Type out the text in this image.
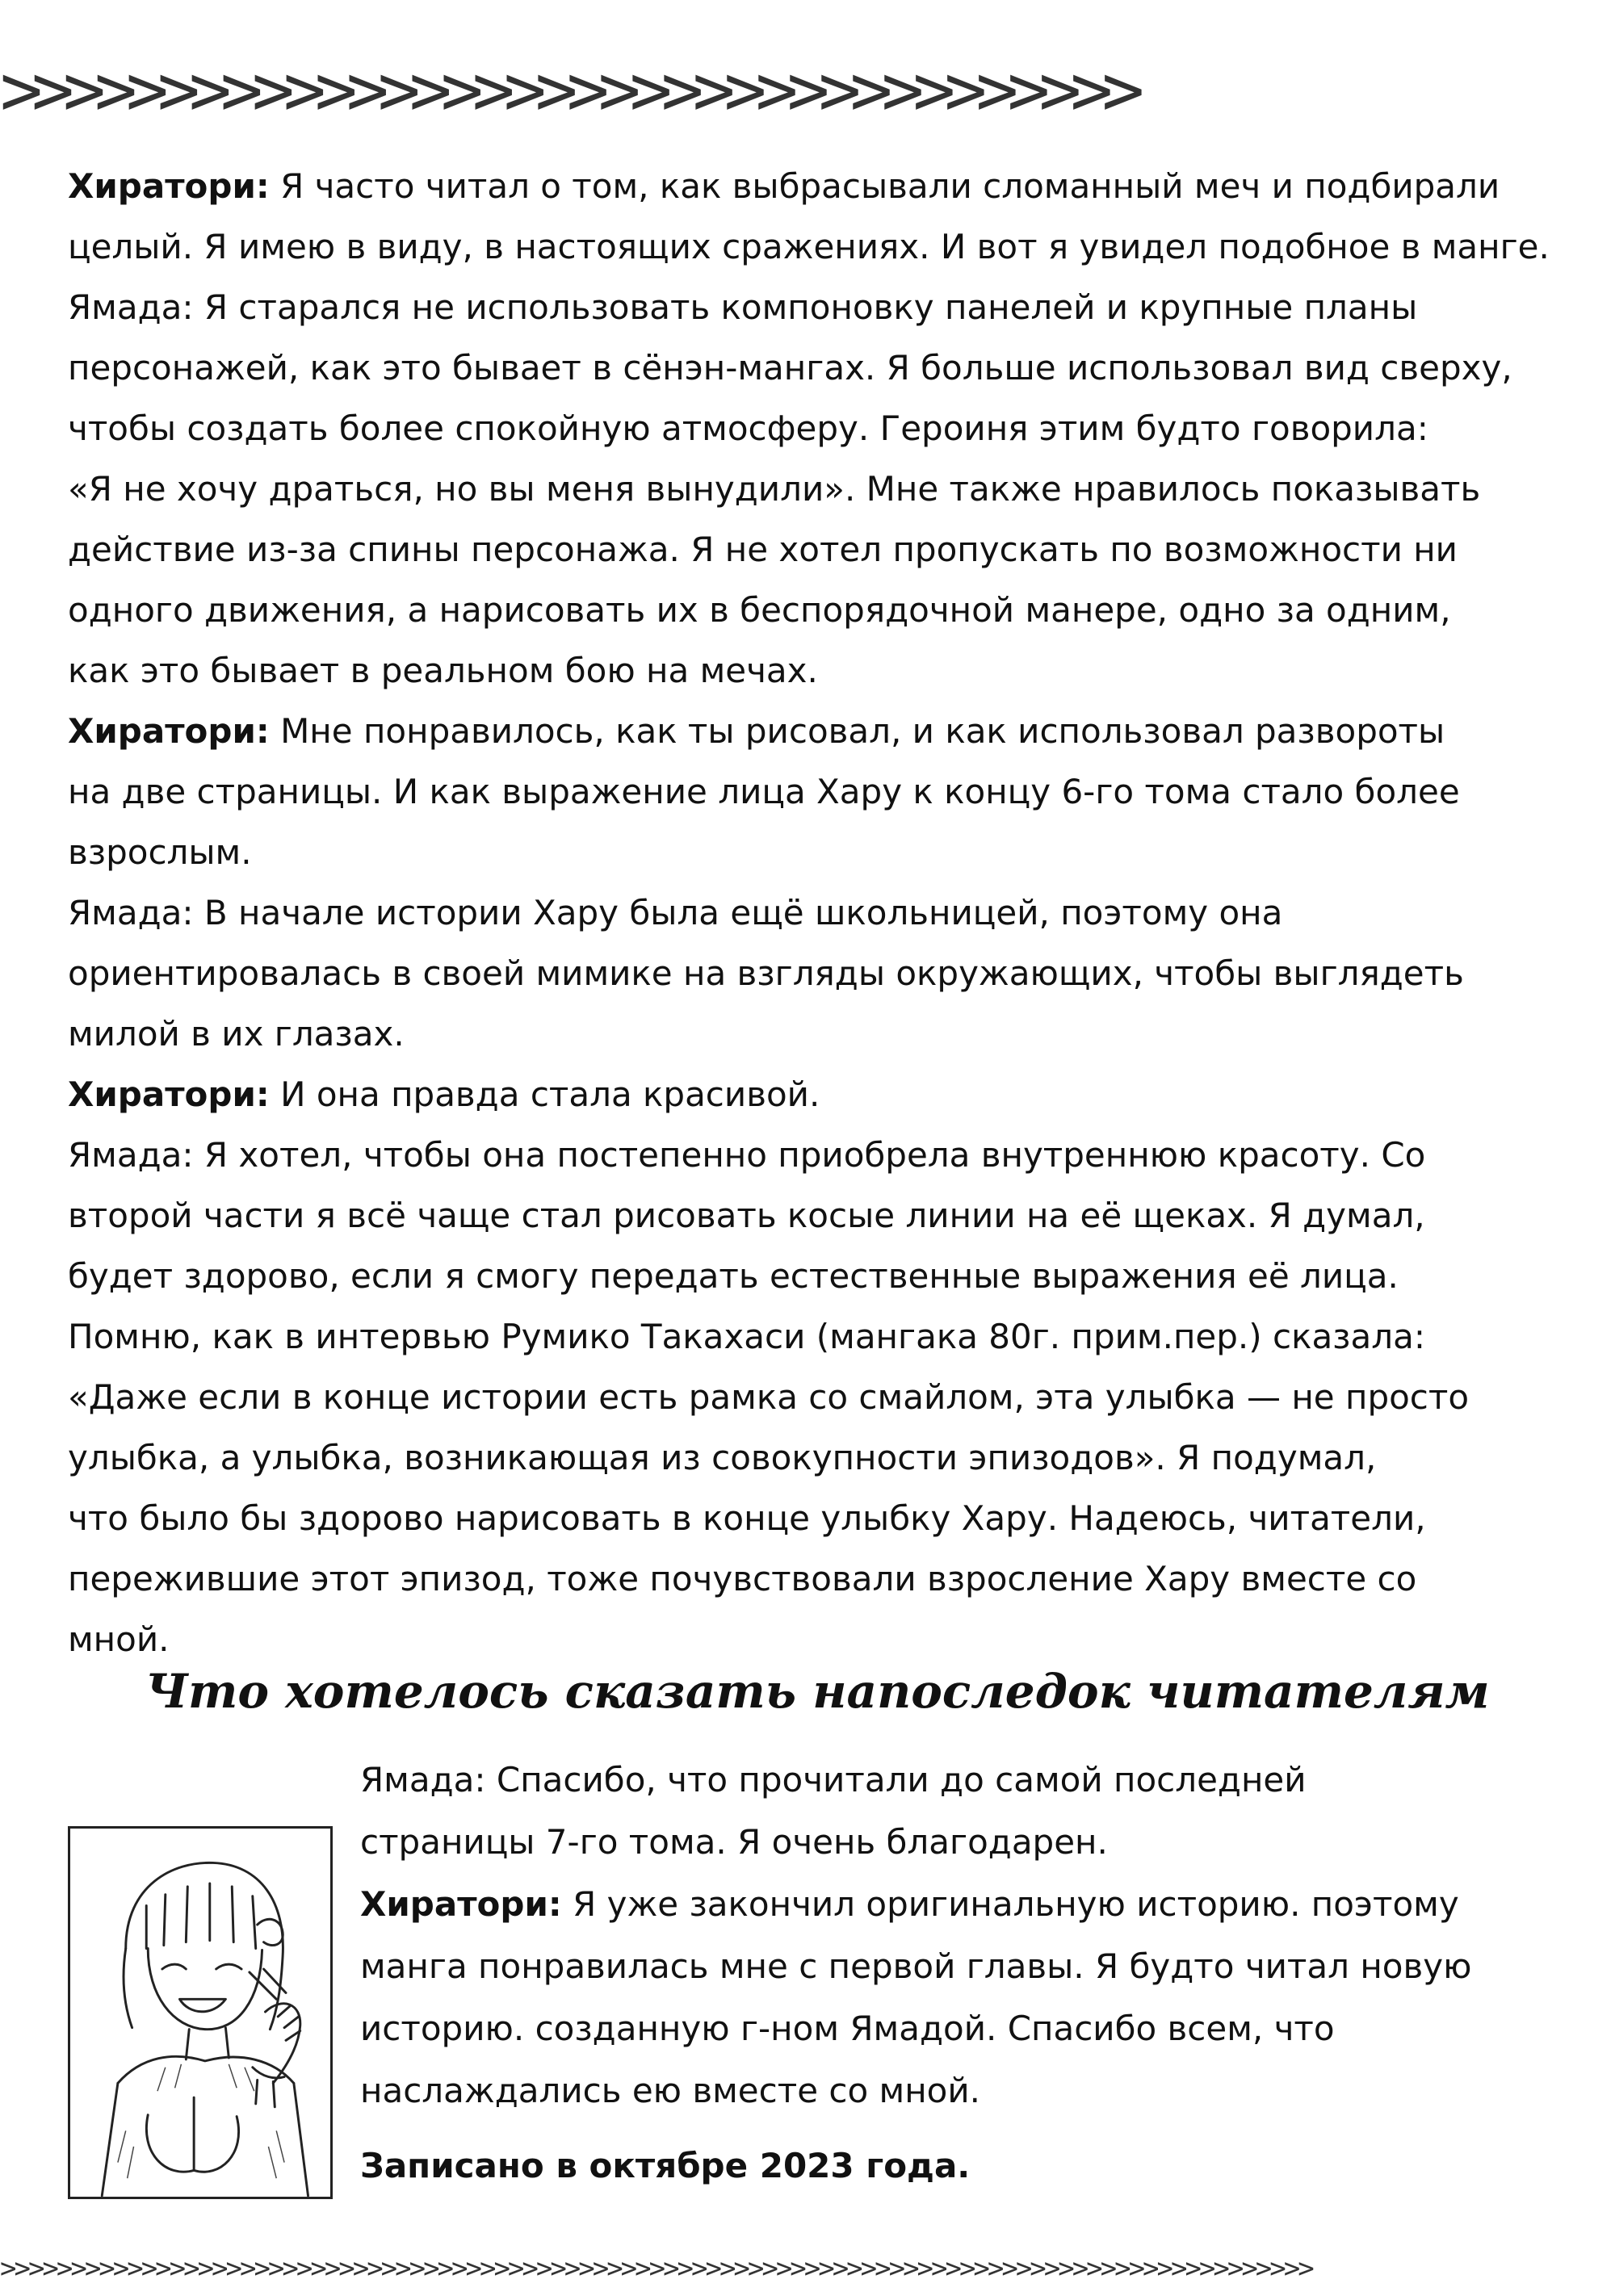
>>>>>>>>>>>>>>>>>>>>>>>>>>>>>>>>>>>>

Хиратори: Я часто читал о том, как выбрасывали сломанный меч и подбирали

целый. Я имею в виду, в настоящих сражениях. И вот я увидел подобное в манге.

Ямада: Я старался не использовать компоновку панелей и крупные планы

персонажей, как это бывает в сёнэн-мангах. Я больше использовал вид сверху,

чтобы создать более спокойную атмосферу. Героиня этим будто говорила:

«Я не хочу драться, но вы меня вынудили». Мне также нравилось показывать

действие из-за спины персонажа. Я не хотел пропускать по возможности ни

одного движения, а нарисовать их в беспорядочной манере, одно за одним,

как это бывает в реальном бою на мечах.

Хиратори: Мне понравилось, как ты рисовал, и как использовал развороты

на две страницы. И как выражение лица Хару к концу 6-го тома стало более

взрослым.

Ямада: В начале истории Хару была ещё школьницей, поэтому она

ориентировалась в своей мимике на взгляды окружающих, чтобы выглядеть

милой в их глазах.

Хиратори: И она правда стала красивой.

Ямада: Я хотел, чтобы она постепенно приобрела внутреннюю красоту. Со

второй части я всё чаще стал рисовать косые линии на её щеках. Я думал,

будет здорово, если я смогу передать естественные выражения её лица.

Помню, как в интервью Румико Такахаси (мангака 80г. прим.пер.) сказала:

«Даже если в конце истории есть рамка со смайлом, эта улыбка — не просто

улыбка, а улыбка, возникающая из совокупности эпизодов». Я подумал,

что было бы здорово нарисовать в конце улыбку Хару. Надеюсь, читатели,

пережившие этот эпизод, тоже почувствовали взросление Хару вместе со

мной.

Что хотелось сказать напоследок читателям

Ямада: Спасибо, что прочитали до самой последней

страницы 7-го тома. Я очень благодарен.

Хиратори: Я уже закончил оригинальную историю. поэтому

манга понравилась мне с первой главы. Я будто читал новую

историю. созданную г-ном Ямадой. Спасибо всем, что

наслаждались ею вместе со мной.

Записано в октябре 2023 года.

>>>>>>>>>>>>>>>>>>>>>>>>>>>>>>>>>>>>>>>>>>>>>>>>>>>>>>>>>>>>>>>>>>>>>>>>>>>>>>>>>>>>>>>>>>>>>
